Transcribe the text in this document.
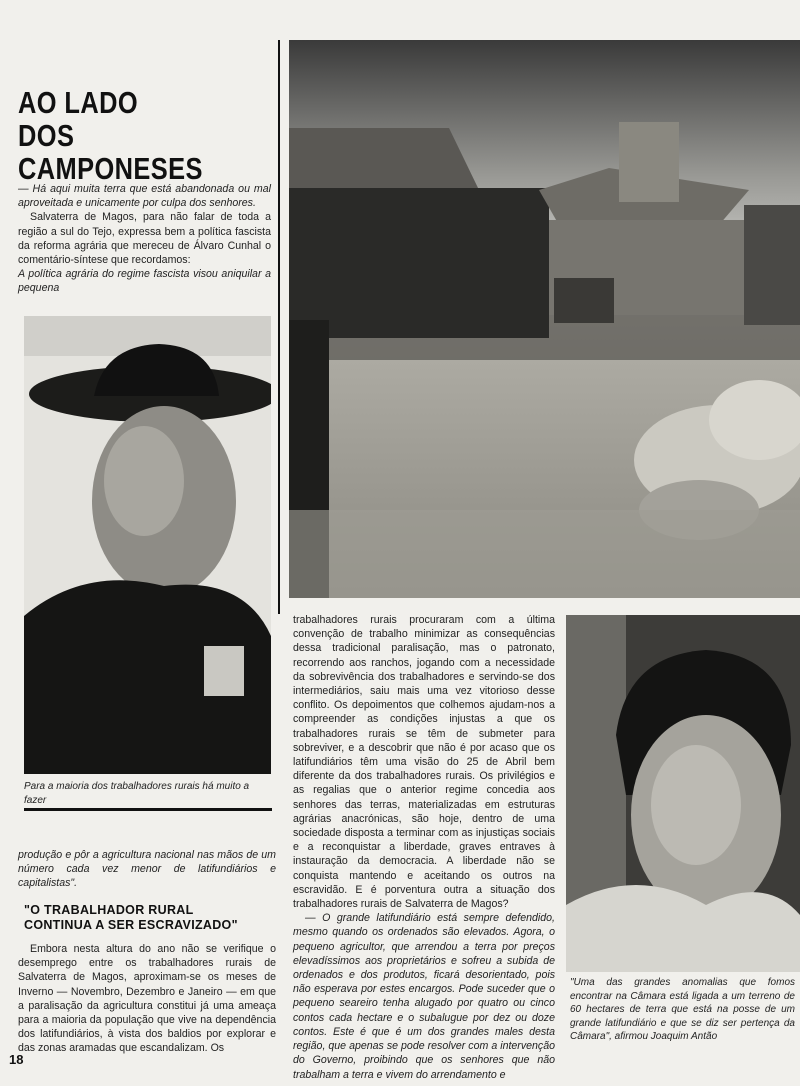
AO LADO
DOS CAMPONESES
— Há aqui muita terra que está abandonada ou mal aproveitada e unicamente por culpa dos senhores.
Salvaterra de Magos, para não falar de toda a região a sul do Tejo, expressa bem a política fascista da reforma agrária que mereceu de Álvaro Cunhal o comentário-síntese que recordamos:
A política agrária do regime fascista visou aniquilar a pequena
Para a maioria dos trabalhadores rurais há muito a fazer
produção e pôr a agricultura nacional nas mãos de um número cada vez menor de latifundiários e capitalistas".
"O TRABALHADOR RURAL
CONTINUA A SER ESCRAVIZADO"
Embora nesta altura do ano não se verifique o desemprego entre os trabalhadores rurais de Salvaterra de Magos, aproximam-se os meses de Inverno — Novembro, Dezembro e Janeiro — em que a paralisação da agricultura constitui já uma ameaça para a maioria da população que vive na dependência dos latifundiários, à vista dos baldios por explorar e das zonas aramadas que escandalizam. Os

trabalhadores rurais procuraram com a última convenção de trabalho minimizar as consequências dessa tradicional paralisação, mas o patronato, recorrendo aos ranchos, jogando com a necessidade da sobrevivência dos trabalhadores e servindo-se dos intermediários, saiu mais uma vez vitorioso desse conflito. Os depoimentos que colhemos ajudam-nos a compreender as condições injustas a que os trabalhadores rurais se têm de submeter para sobreviver, e a descobrir que não é por acaso que os latifundiários têm uma visão do 25 de Abril bem diferente da dos trabalhadores rurais. Os privilégios e as regalias que o anterior regime concedia aos senhores das terras, materializadas em estruturas agrárias anacrónicas, são hoje, dentro de uma sociedade disposta a terminar com as injustiças sociais e a reconquistar a liberdade, graves entraves à instauração da democracia. A liberdade não se conquista mantendo e aceitando os outros na escravidão. E é porventura outra a situação dos trabalhadores rurais de Salvaterra de Magos?

— O grande latifundiário está sempre defendido, mesmo quando os ordenados são elevados. Agora, o pequeno agricultor, que arrendou a terra por preços elevadíssimos aos proprietários e sofreu a subida de ordenados e dos produtos, ficará desorientado, pois não esperava por estes encargos. Pode suceder que o pequeno seareiro tenha alugado por quatro ou cinco contos cada hectare e o subalugue por dez ou doze contos. Este é que é um dos grandes males desta região, que apenas se pode resolver com a intervenção do Governo, proibindo que os senhores que não trabalham a terra e vivem do arrendamento e

"Uma das grandes anomalias que fomos encontrar na Câmara está ligada a um terreno de 60 hectares de terra que está na posse de um grande latifundiário e que se diz ser pertença da Câmara", afirmou Joaquim Antão
18
